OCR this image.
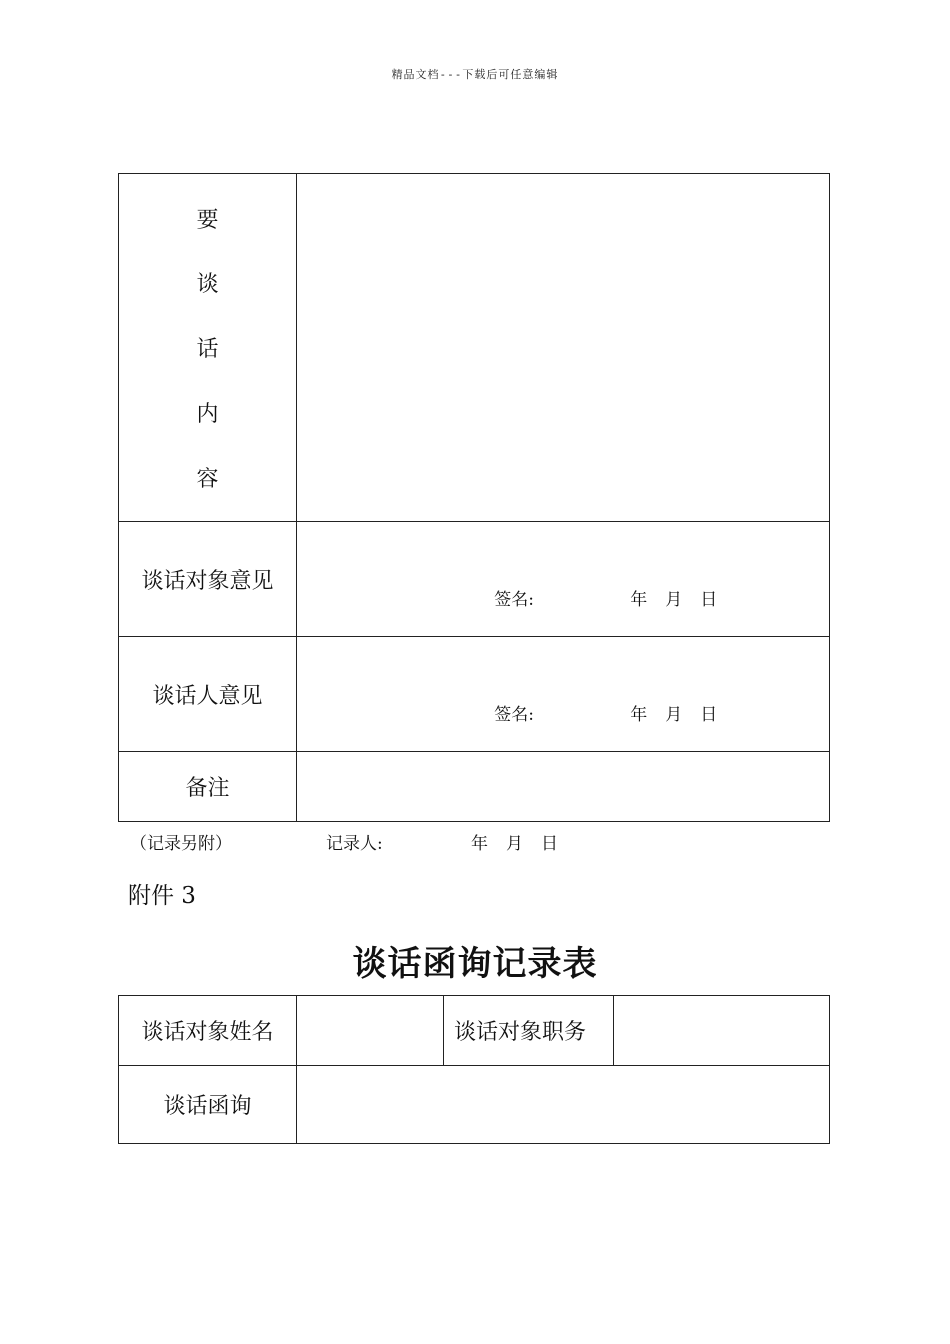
精品文档---下载后可任意编辑
要
谈
话
内
容	

谈话对象意见	签名: 年 月 日

谈话人意见	签名: 年 月 日

备注	
（记录另附）	记录人:	年 月 日
附件 3
谈话函询记录表
谈话对象姓名		谈话对象职务	
谈话函询			
